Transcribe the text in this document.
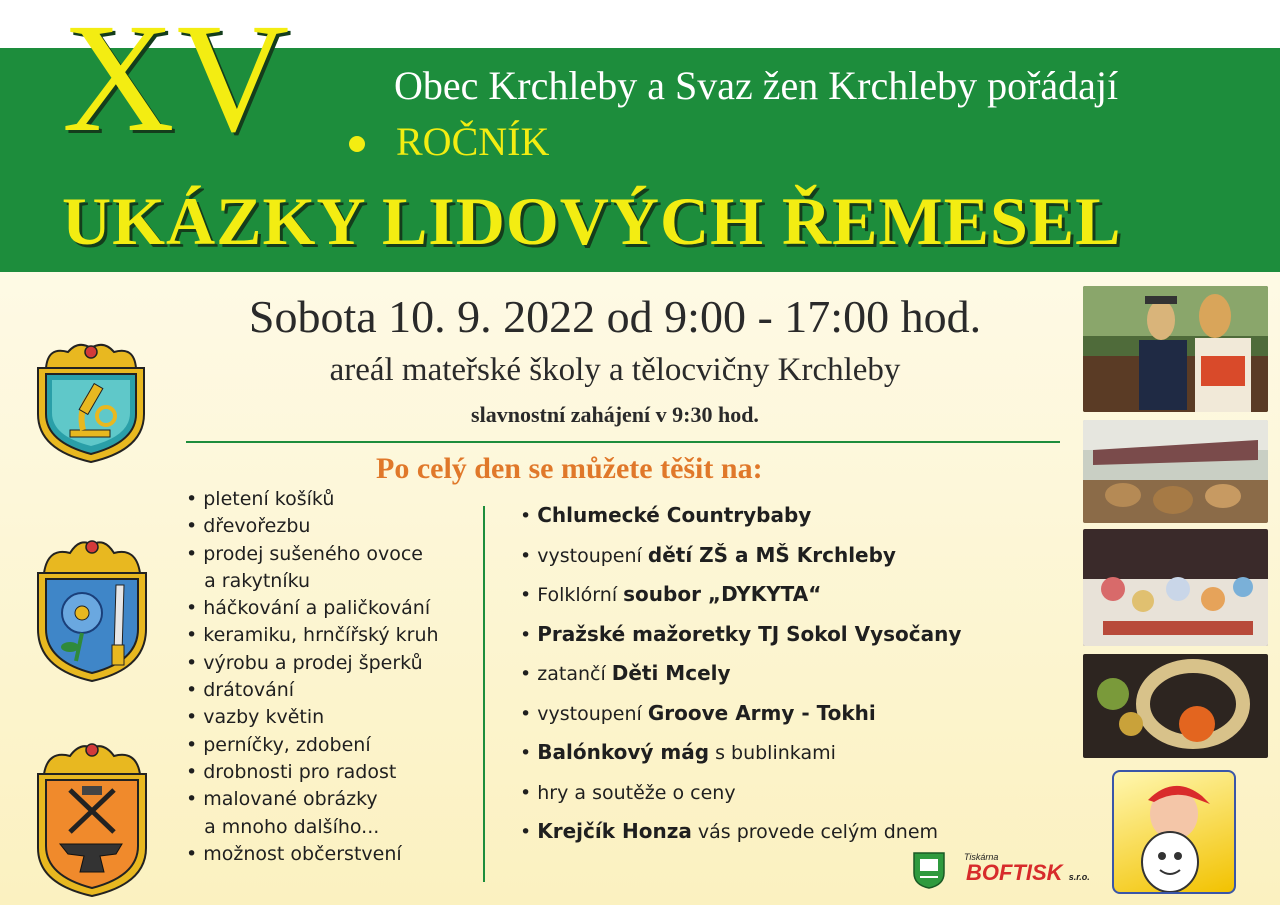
XV	Obec Krchleby a Svaz žen Krchleby pořádají
ROČNÍK
UKÁZKY LIDOVÝCH ŘEMESEL
Sobota 10. 9. 2022 od 9:00 - 17:00 hod.
areál mateřské školy a tělocvičny Krchleby
slavnostní zahájení v 9:30 hod.
Po celý den se můžete těšit na:
• pletení košíků
• dřevořezbu
• prodej sušeného ovoce
a rakytníku
• háčkování a paličkování
• keramiku, hrnčířský kruh
• výrobu a prodej šperků
• drátování
• vazby květin
• perníčky, zdobení
• drobnosti pro radost
• malované obrázky
a mnoho dalšího...
• možnost občerstvení
• Chlumecké Countrybaby
• vystoupení dětí ZŠ a MŠ Krchleby
• Folklórní soubor „DYKYTA“
• Pražské mažoretky TJ Sokol Vysočany
• zatančí Děti Mcely
• vystoupení Groove Army - Tokhi
• Balónkový mág s bublinkami
• hry a soutěže o ceny
• Krejčík Honza vás provede celým dnem
Tiskárna
BOFTISK s.r.o.
